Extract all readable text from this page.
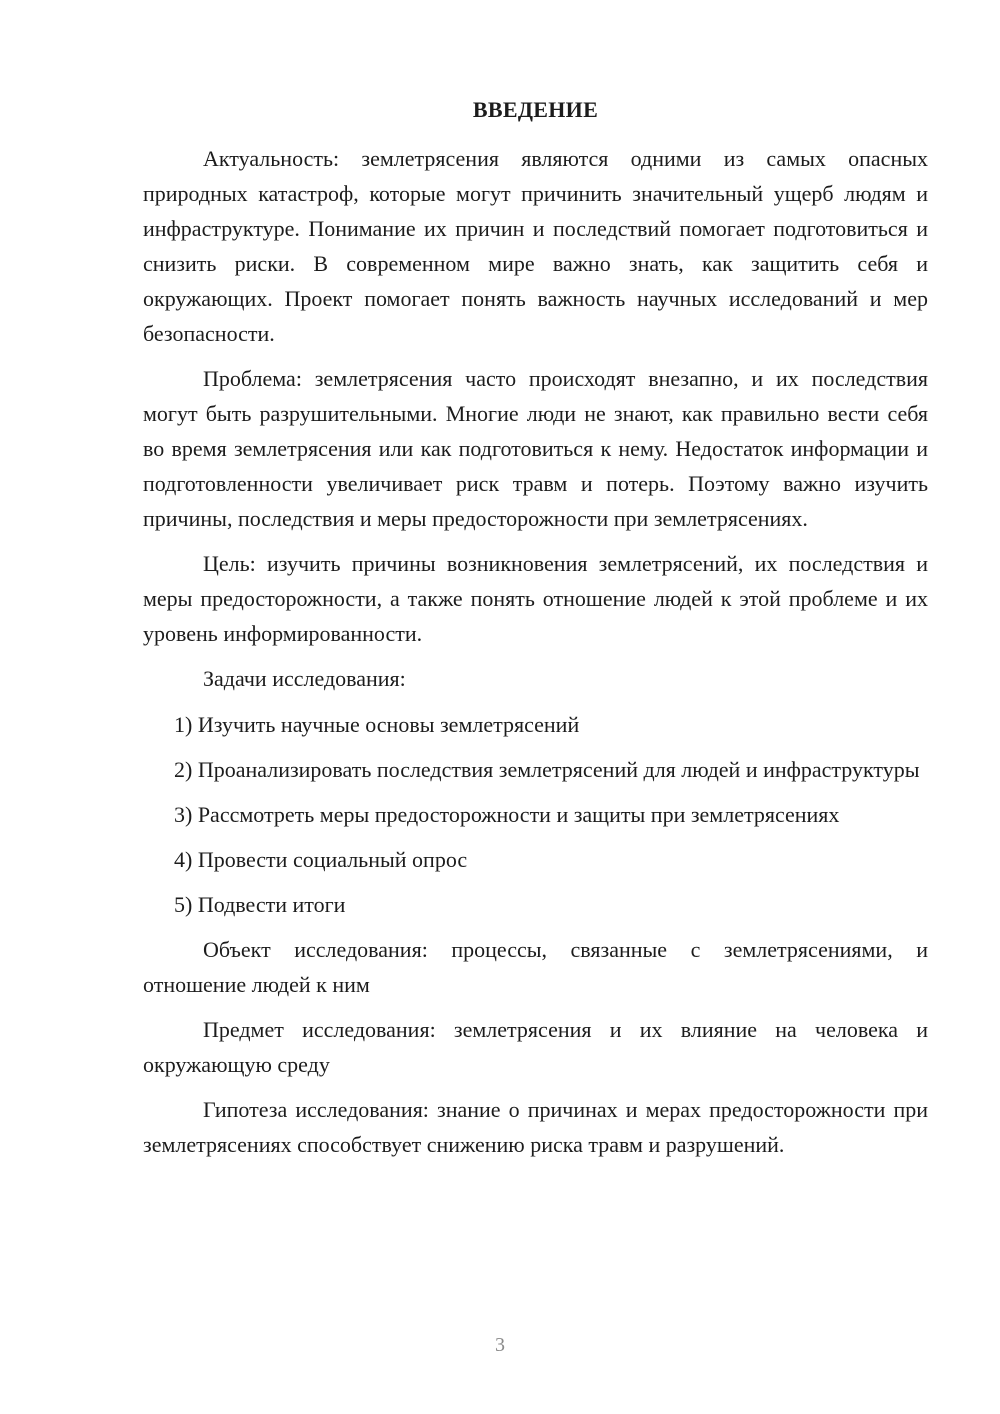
ВВЕДЕНИЕ

Актуальность: землетрясения являются одними из самых опасных природных катастроф, которые могут причинить значительный ущерб людям и инфраструктуре. Понимание их причин и последствий помогает подготовиться и снизить риски. В современном мире важно знать, как защитить себя и окружающих. Проект помогает понять важность научных исследований и мер безопасности.

Проблема: землетрясения часто происходят внезапно, и их последствия могут быть разрушительными. Многие люди не знают, как правильно вести себя во время землетрясения или как подготовиться к нему. Недостаток информации и подготовленности увеличивает риск травм и потерь. Поэтому важно изучить причины, последствия и меры предосторожности при землетрясениях.

Цель: изучить причины возникновения землетрясений, их последствия и меры предосторожности, а также понять отношение людей к этой проблеме и их уровень информированности.

Задачи исследования:

1) Изучить научные основы землетрясений

2) Проанализировать последствия землетрясений для людей и инфраструктуры

3) Рассмотреть меры предосторожности и защиты при землетрясениях

4) Провести социальный опрос

5) Подвести итоги

Объект исследования: процессы, связанные с землетрясениями, и отношение людей к ним

Предмет исследования: землетрясения и их влияние на человека и окружающую среду

Гипотеза исследования: знание о причинах и мерах предосторожности при землетрясениях способствует снижению риска травм и разрушений.

3
